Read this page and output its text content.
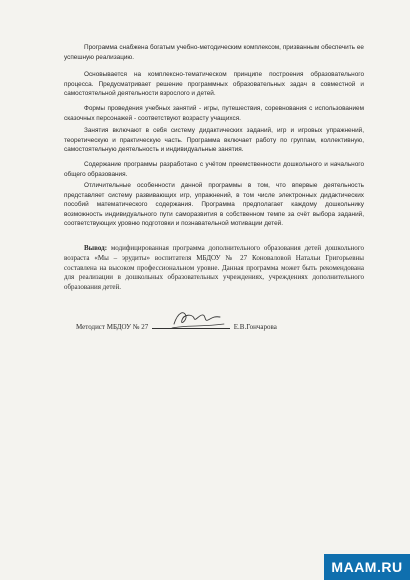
Программа снабжена богатым учебно-методическим комплексом, призванным обеспечить ее успешную реализацию.

Основывается на комплексно-тематическом принципе построения образовательного процесса. Предусматривает решение программных образовательных задач в совместной и самостоятельной деятельности взрослого и детей.

Формы проведения учебных занятий - игры, путешествия, соревнования с использованием сказочных персонажей - соответствуют возрасту учащихся.

Занятия включают в себя систему дидактических заданий, игр и игровых упражнений, теоретическую и практическую часть. Программа включает работу по группам, коллективную, самостоятельную деятельность и индивидуальные занятия.

Содержание программы разработано с учётом преемственности дошкольного и начального общего образования.

Отличительные особенности данной программы в том, что впервые деятельность представляет систему развивающих игр, упражнений, в том числе электронных дидактических пособий математического содержания. Программа предполагает каждому дошкольнику возможность индивидуального пути саморазвития в собственном темпе за счёт выбора заданий, соответствующих уровню подготовки и познавательной мотивации детей.

Вывод: модифицированная программа дополнительного образования детей дошкольного возраста «Мы – эрудиты» воспитателя МБДОУ № 27 Коноваловой Натальи Григорьевны составлена на высоком профессиональном уровне. Данная программа может быть рекомендована для реализации в дошкольных образовательных учреждениях, учреждениях дополнительного образования детей.

Методист МБДОУ № 27	Е.В.Гончарова
MAAM.RU
